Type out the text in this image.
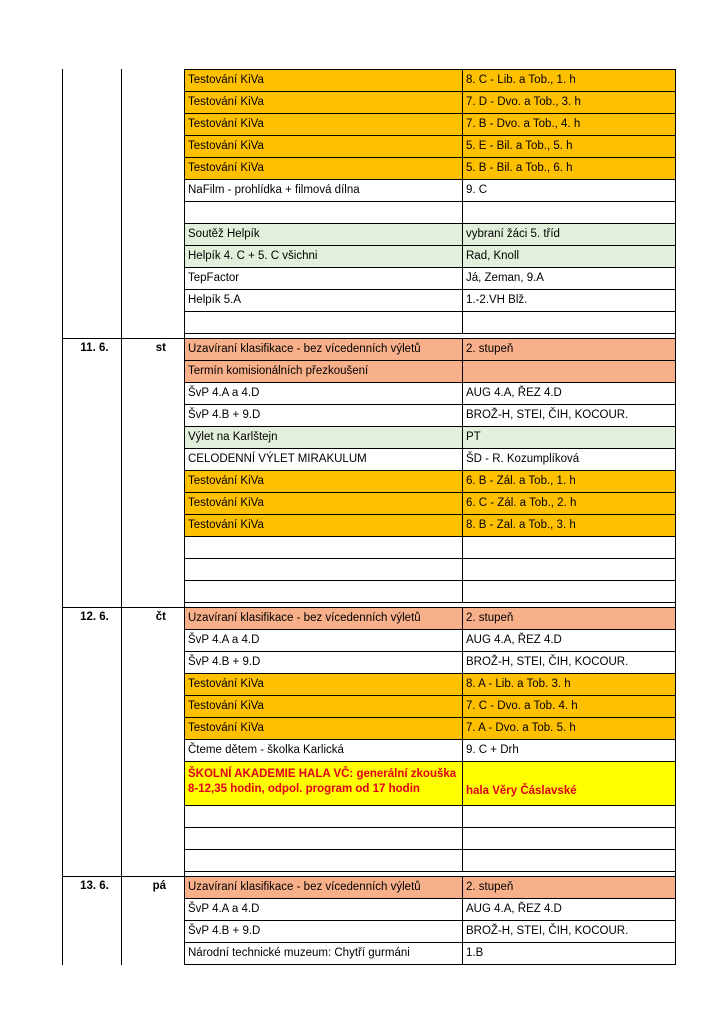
Testování KiVa	8. C - Lib. a Tob., 1. h
Testování KiVa	7. D - Dvo. a Tob., 3. h
Testování KiVa	7. B - Dvo. a Tob., 4. h
Testování KiVa	5. E - Bil. a Tob., 5. h
Testování KiVa	5. B - Bil. a Tob., 6. h
NaFilm - prohlídka + filmová dílna	9. C
Soutěž Helpík	vybraní žáci 5. tříd
Helpík 4. C + 5. C všichni	Rad, Knoll
TepFactor	Já, Zeman, 9.A
Helpík 5.A	1.-2.VH Blž.
11. 6.	st	Uzavíraní klasifikace - bez vícedenních výletů	2. stupeň
Termín komisionálních přezkoušení
ŠvP 4.A a 4.D	AUG 4.A, ŘEZ 4.D
ŠvP 4.B + 9.D	BROŽ-H, STEI, ČIH, KOCOUR.
Výlet na Karlštejn	PT
CELODENNÍ VÝLET MIRAKULUM	ŠD - R. Kozumplíková
Testování KiVa	6. B - Zál. a Tob., 1. h
Testování KiVa	6. C - Zál. a Tob., 2. h
Testování KiVa	8. B - Zal. a Tob., 3. h
12. 6.	čt	Uzavíraní klasifikace - bez vícedenních výletů	2. stupeň
ŠvP 4.A a 4.D	AUG 4.A, ŘEZ 4.D
ŠvP 4.B + 9.D	BROŽ-H, STEI, ČIH, KOCOUR.
Testování KiVa	8. A - Lib. a Tob. 3. h
Testování KiVa	7. C - Dvo. a Tob. 4. h
Testování KiVa	7. A - Dvo. a Tob. 5. h
Čteme dětem - školka Karlická	9. C + Drh
ŠKOLNÍ AKADEMIE HALA VČ: generální zkouška 8-12,35 hodin, odpol. program od 17 hodin	hala Věry Čáslavské
13. 6.	pá	Uzavíraní klasifikace - bez vícedenních výletů	2. stupeň
ŠvP 4.A a 4.D	AUG 4.A, ŘEZ 4.D
ŠvP 4.B + 9.D	BROŽ-H, STEI, ČIH, KOCOUR.
Národní technické muzeum: Chytří gurmáni	1.B
